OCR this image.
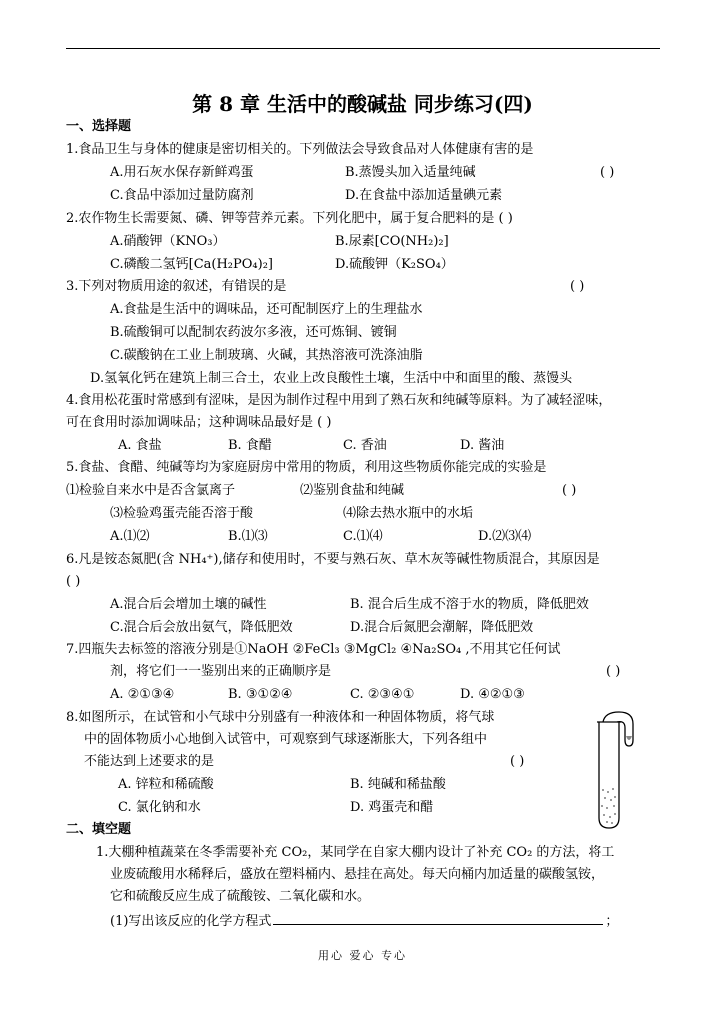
第 8 章 生活中的酸碱盐 同步练习(四)
一、选择题
1.食品卫生与身体的健康是密切相关的。下列做法会导致食品对人体健康有害的是
A.用石灰水保存新鲜鸡蛋	B.蒸馒头加入适量纯碱	( )
C.食品中添加过量防腐剂	D.在食盐中添加适量碘元素
2.农作物生长需要氮、磷、钾等营养元素。下列化肥中，属于复合肥料的是 ( )
A.硝酸钾（KNO₃）	B.尿素[CO(NH₂)₂]
C.磷酸二氢钙[Ca(H₂PO₄)₂]	D.硫酸钾（K₂SO₄）
3.下列对物质用途的叙述，有错误的是	( )
A.食盐是生活中的调味品，还可配制医疗上的生理盐水
B.硫酸铜可以配制农药波尔多液，还可炼铜、镀铜
C.碳酸钠在工业上制玻璃、火碱，其热溶液可洗涤油脂
D.氢氧化钙在建筑上制三合土，农业上改良酸性土壤，生活中中和面里的酸、蒸馒头
4.食用松花蛋时常感到有涩味，是因为制作过程中用到了熟石灰和纯碱等原料。为了减轻涩味，
可在食用时添加调味品；这种调味品最好是 ( )
A. 食盐	B. 食醋	C. 香油	D. 酱油
5.食盐、食醋、纯碱等均为家庭厨房中常用的物质，利用这些物质你能完成的实验是
⑴检验自来水中是否含氯离子	⑵鉴别食盐和纯碱	( )
⑶检验鸡蛋壳能否溶于酸	⑷除去热水瓶中的水垢
A.⑴⑵	B.⑴⑶	C.⑴⑷	D.⑵⑶⑷
6.凡是铵态氮肥(含 NH₄⁺),储存和使用时，不要与熟石灰、草木灰等碱性物质混合，其原因是
( )
A.混合后会增加土壤的碱性	B. 混合后生成不溶于水的物质，降低肥效
C.混合后会放出氨气，降低肥效	D.混合后氮肥会潮解，降低肥效
7.四瓶失去标签的溶液分别是①NaOH ②FeCl₃ ③MgCl₂ ④Na₂SO₄ ,不用其它任何试
剂，将它们一一鉴别出来的正确顺序是	( )
A. ②①③④	B. ③①②④	C. ②③④①	D. ④②①③
8.如图所示，在试管和小气球中分别盛有一种液体和一种固体物质，将气球
中的固体物质小心地倒入试管中，可观察到气球逐渐胀大，下列各组中
不能达到上述要求的是	( )
A. 锌粒和稀硫酸	B. 纯碱和稀盐酸
C. 氯化钠和水	D. 鸡蛋壳和醋
二、填空题
1.大棚种植蔬菜在冬季需要补充 CO₂，某同学在自家大棚内设计了补充 CO₂ 的方法，将工
业废硫酸用水稀释后，盛放在塑料桶内、悬挂在高处。每天向桶内加适量的碳酸氢铵，
它和硫酸反应生成了硫酸铵、二氧化碳和水。
(1)写出该反应的化学方程式	；
用心 爱心 专心
